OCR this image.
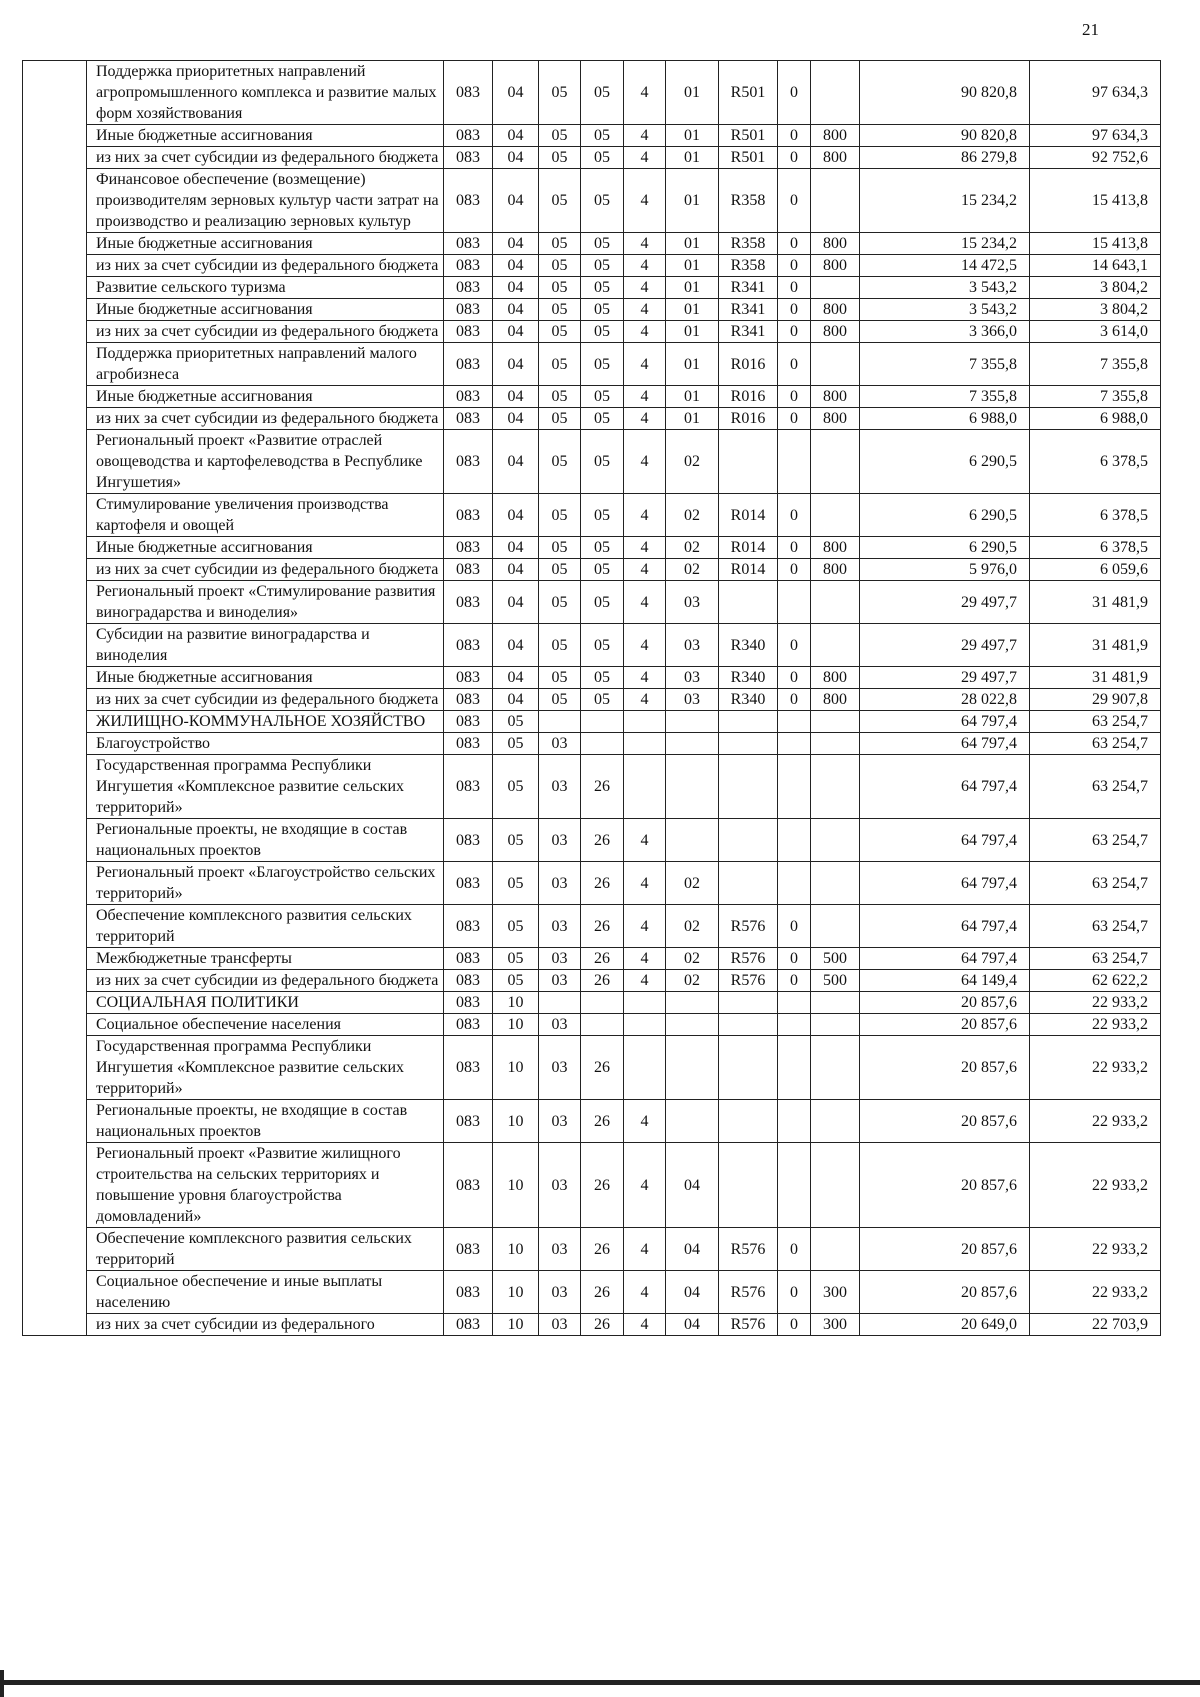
21
	Поддержка приоритетных направлений агропромышленного комплекса и развитие малых форм хозяйствования	083	04	05	05	4	01	R501	0		90 820,8	97 634,3
	Иные бюджетные ассигнования	083	04	05	05	4	01	R501	0	800	90 820,8	97 634,3
	из них за счет субсидии из федерального бюджета	083	04	05	05	4	01	R501	0	800	86 279,8	92 752,6
	Финансовое обеспечение (возмещение) производителям зерновых культур части затрат на производство и реализацию зерновых культур	083	04	05	05	4	01	R358	0		15 234,2	15 413,8
	Иные бюджетные ассигнования	083	04	05	05	4	01	R358	0	800	15 234,2	15 413,8
	из них за счет субсидии из федерального бюджета	083	04	05	05	4	01	R358	0	800	14 472,5	14 643,1
	Развитие сельского туризма	083	04	05	05	4	01	R341	0		3 543,2	3 804,2
	Иные бюджетные ассигнования	083	04	05	05	4	01	R341	0	800	3 543,2	3 804,2
	из них за счет субсидии из федерального бюджета	083	04	05	05	4	01	R341	0	800	3 366,0	3 614,0
	Поддержка приоритетных направлений малого агробизнеса	083	04	05	05	4	01	R016	0		7 355,8	7 355,8
	Иные бюджетные ассигнования	083	04	05	05	4	01	R016	0	800	7 355,8	7 355,8
	из них за счет субсидии из федерального бюджета	083	04	05	05	4	01	R016	0	800	6 988,0	6 988,0
	Региональный проект «Развитие отраслей овощеводства и картофелеводства в Республике Ингушетия»	083	04	05	05	4	02				6 290,5	6 378,5
	Стимулирование увеличения производства картофеля и овощей	083	04	05	05	4	02	R014	0		6 290,5	6 378,5
	Иные бюджетные ассигнования	083	04	05	05	4	02	R014	0	800	6 290,5	6 378,5
	из них за счет субсидии из федерального бюджета	083	04	05	05	4	02	R014	0	800	5 976,0	6 059,6
	Региональный проект «Стимулирование развития виноградарства и виноделия»	083	04	05	05	4	03				29 497,7	31 481,9
	Субсидии на развитие виноградарства и виноделия	083	04	05	05	4	03	R340	0		29 497,7	31 481,9
	Иные бюджетные ассигнования	083	04	05	05	4	03	R340	0	800	29 497,7	31 481,9
	из них за счет субсидии из федерального бюджета	083	04	05	05	4	03	R340	0	800	28 022,8	29 907,8
	ЖИЛИЩНО-КОММУНАЛЬНОЕ ХОЗЯЙСТВО	083	05								64 797,4	63 254,7
	Благоустройство	083	05	03							64 797,4	63 254,7
	Государственная программа Республики Ингушетия «Комплексное развитие сельских территорий»	083	05	03	26						64 797,4	63 254,7
	Региональные проекты, не входящие в состав национальных проектов	083	05	03	26	4					64 797,4	63 254,7
	Региональный проект «Благоустройство сельских территорий»	083	05	03	26	4	02				64 797,4	63 254,7
	Обеспечение комплексного развития сельских территорий	083	05	03	26	4	02	R576	0		64 797,4	63 254,7
	Межбюджетные трансферты	083	05	03	26	4	02	R576	0	500	64 797,4	63 254,7
	из них за счет субсидии из федерального бюджета	083	05	03	26	4	02	R576	0	500	64 149,4	62 622,2
	СОЦИАЛЬНАЯ ПОЛИТИКИ	083	10								20 857,6	22 933,2
	Социальное обеспечение населения	083	10	03							20 857,6	22 933,2
	Государственная программа Республики Ингушетия «Комплексное развитие сельских территорий»	083	10	03	26						20 857,6	22 933,2
	Региональные проекты, не входящие в состав национальных проектов	083	10	03	26	4					20 857,6	22 933,2
	Региональный проект «Развитие жилищного строительства на сельских территориях и повышение уровня благоустройства домовладений»	083	10	03	26	4	04				20 857,6	22 933,2
	Обеспечение комплексного развития сельских территорий	083	10	03	26	4	04	R576	0		20 857,6	22 933,2
	Социальное обеспечение и иные выплаты населению	083	10	03	26	4	04	R576	0	300	20 857,6	22 933,2
	из них за счет субсидии из федерального	083	10	03	26	4	04	R576	0	300	20 649,0	22 703,9
